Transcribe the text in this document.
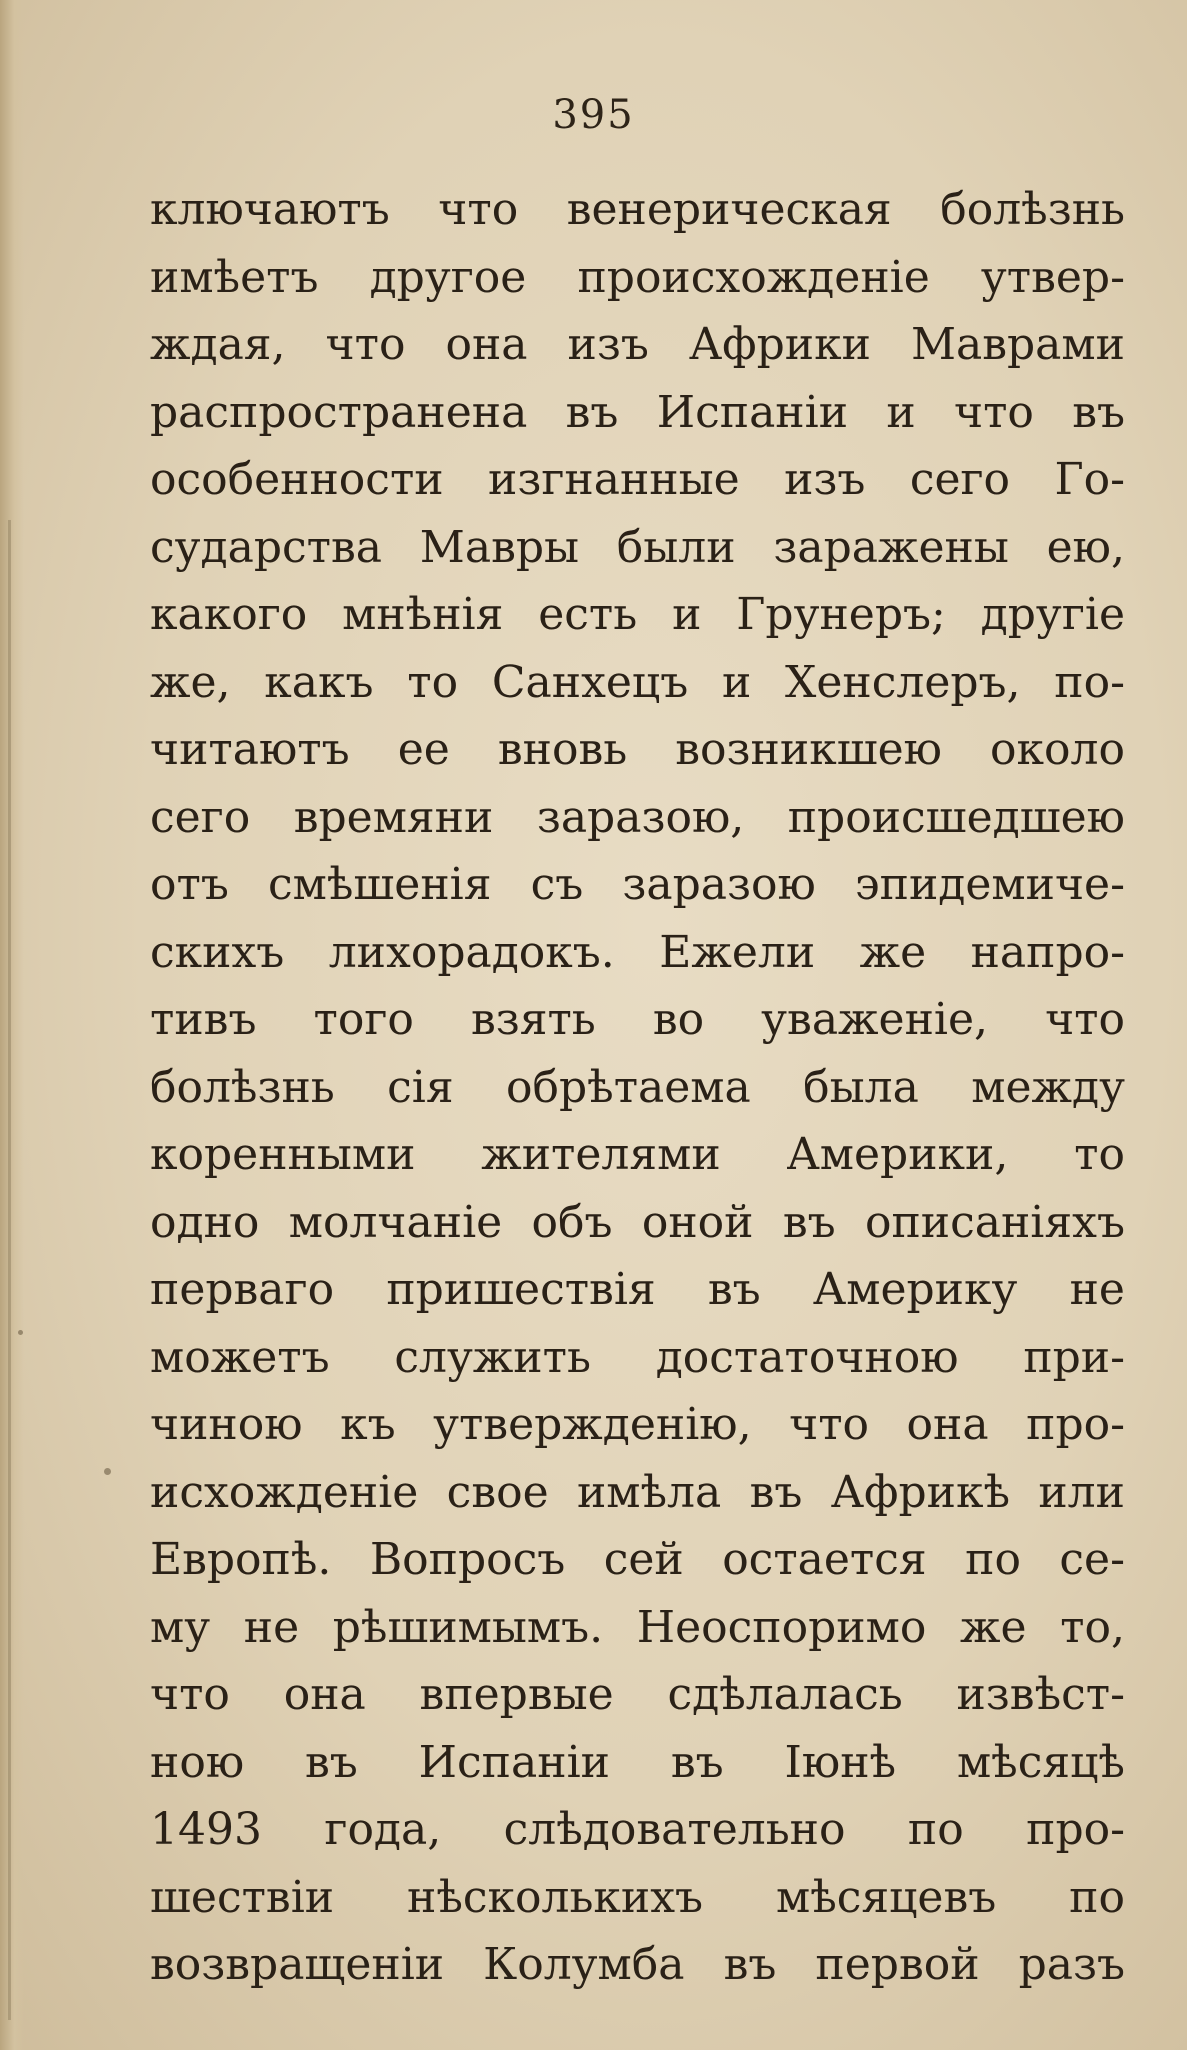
395
ключаютъ что венерическая болѣзнь
имѣетъ другое происхожденіе утвер-
ждая, что она изъ Африки Маврами
распространена въ Испаніи и что въ
особенности изгнанные изъ сего Го-
сударства Мавры были заражены ею,
какого мнѣнія есть и Грунеръ; другіе
же, какъ то Санхецъ и Хенслеръ, по-
читаютъ ее вновь возникшею около
сего времяни заразою, происшедшею
отъ смѣшенія съ заразою эпидемиче-
скихъ лихорадокъ. Ежели же напро-
тивъ того взять во уваженіе, что
болѣзнь сія обрѣтаема была между
коренными жителями Америки, то
одно молчаніе объ оной въ описаніяхъ
перваго пришествія въ Америку не
можетъ служить достаточною при-
чиною къ утвержденію, что она про-
исхожденіе свое имѣла въ Африкѣ или
Европѣ. Вопросъ сей остается по се-
му не рѣшимымъ. Неоспоримо же то,
что она впервые сдѣлалась извѣст-
ною въ Испаніи въ Іюнѣ мѣсяцѣ
1493 года, слѣдовательно по про-
шествіи нѣсколькихъ мѣсяцевъ по
возвращеніи Колумба въ первой разъ
